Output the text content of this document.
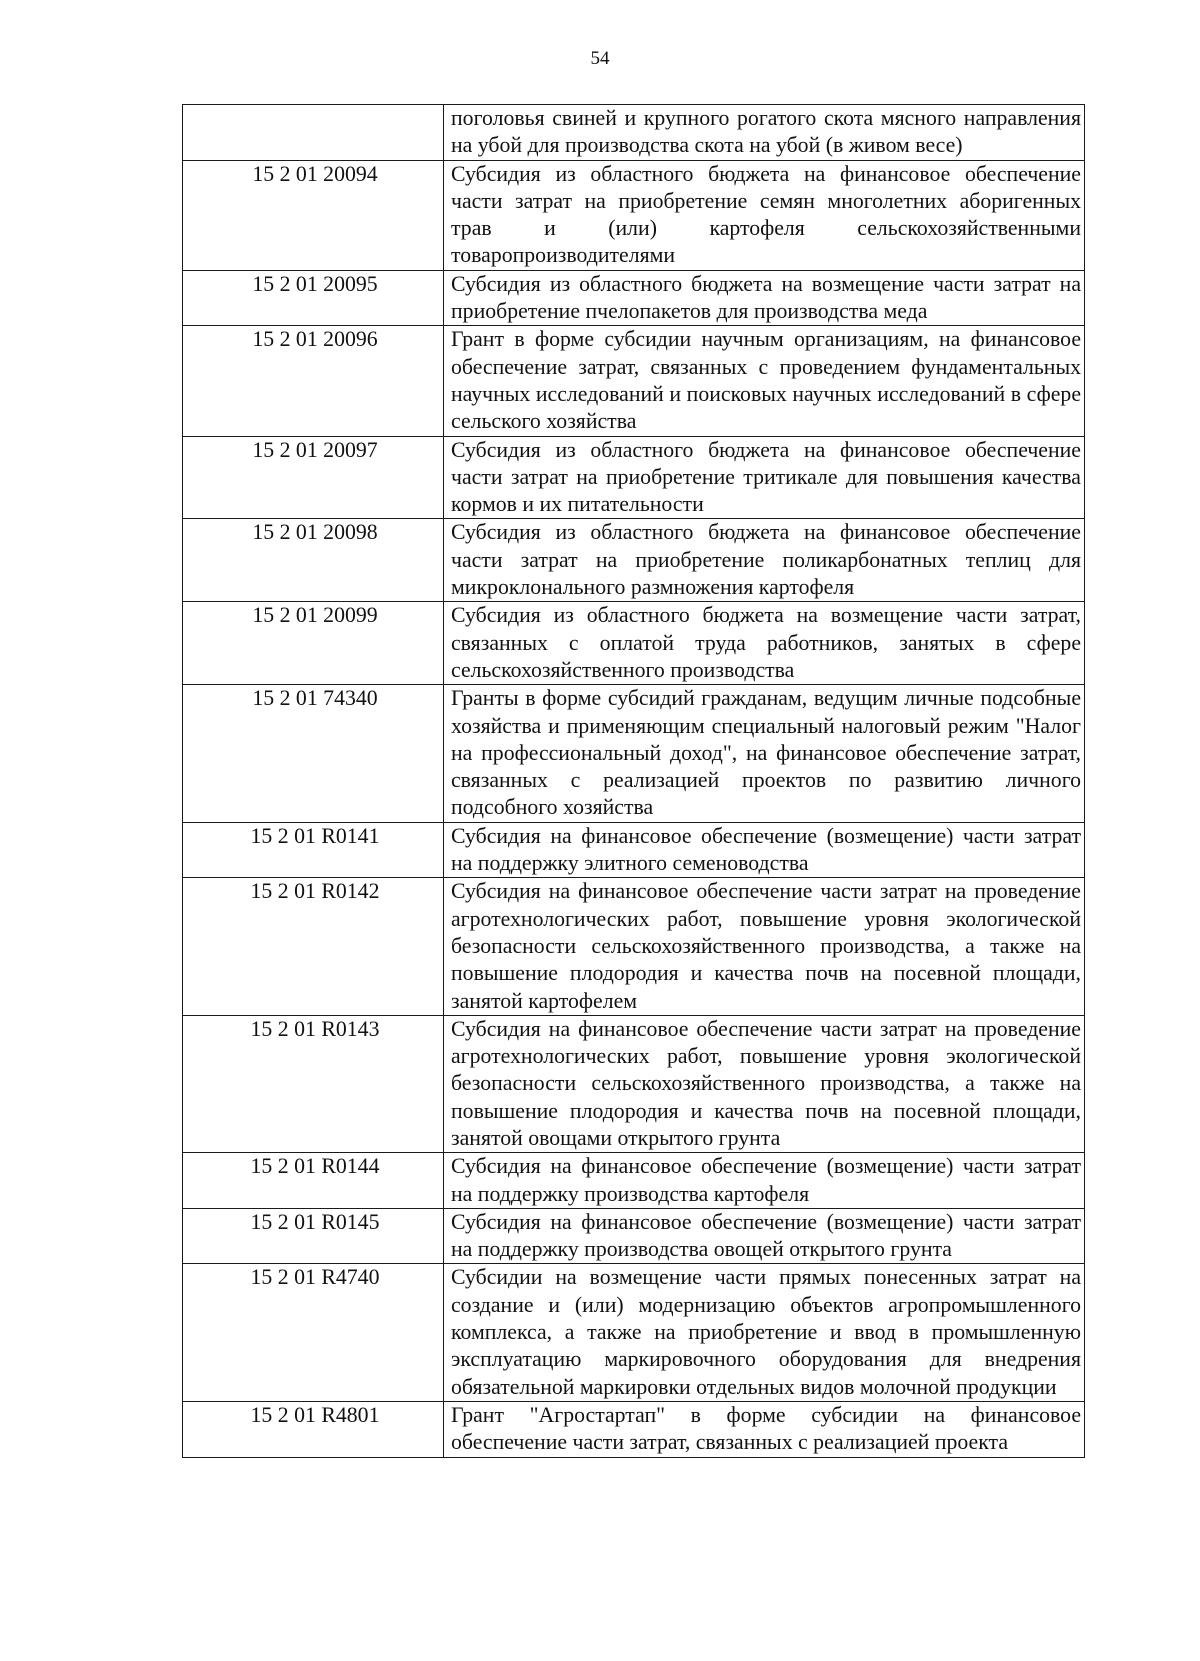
54
	поголовья свиней и крупного рогатого скота мясного направления на убой для производства скота на убой (в живом весе)
15 2 01 20094	Субсидия из областного бюджета на финансовое обеспечение части затрат на приобретение семян многолетних аборигенных трав и (или) картофеля сельскохозяйственными товаропроизводителями
15 2 01 20095	Субсидия из областного бюджета на возмещение части затрат на приобретение пчелопакетов для производства меда
15 2 01 20096	Грант в форме субсидии научным организациям, на финансовое обеспечение затрат, связанных с проведением фундаментальных научных исследований и поисковых научных исследований в сфере сельского хозяйства
15 2 01 20097	Субсидия из областного бюджета на финансовое обеспечение части затрат на приобретение тритикале для повышения качества кормов и их питательности
15 2 01 20098	Субсидия из областного бюджета на финансовое обеспечение части затрат на приобретение поликарбонатных теплиц для микроклонального размножения картофеля
15 2 01 20099	Субсидия из областного бюджета на возмещение части затрат, связанных с оплатой труда работников, занятых в сфере сельскохозяйственного производства
15 2 01 74340	Гранты в форме субсидий гражданам, ведущим личные подсобные хозяйства и применяющим специальный налоговый режим "Налог на профессиональный доход", на финансовое обеспечение затрат, связанных с реализацией проектов по развитию личного подсобного хозяйства
15 2 01 R0141	Субсидия на финансовое обеспечение (возмещение) части затрат на поддержку элитного семеноводства
15 2 01 R0142	Субсидия на финансовое обеспечение части затрат на проведение агротехнологических работ, повышение уровня экологической безопасности сельскохозяйственного производства, а также на повышение плодородия и качества почв на посевной площади, занятой картофелем
15 2 01 R0143	Субсидия на финансовое обеспечение части затрат на проведение агротехнологических работ, повышение уровня экологической безопасности сельскохозяйственного производства, а также на повышение плодородия и качества почв на посевной площади, занятой овощами открытого грунта
15 2 01 R0144	Субсидия на финансовое обеспечение (возмещение) части затрат на поддержку производства картофеля
15 2 01 R0145	Субсидия на финансовое обеспечение (возмещение) части затрат на поддержку производства овощей открытого грунта
15 2 01 R4740	Субсидии на возмещение части прямых понесенных затрат на создание и (или) модернизацию объектов агропромышленного комплекса, а также на приобретение и ввод в промышленную эксплуатацию маркировочного оборудования для внедрения обязательной маркировки отдельных видов молочной продукции
15 2 01 R4801	Грант "Агростартап" в форме субсидии на финансовое обеспечение части затрат, связанных с реализацией проекта
